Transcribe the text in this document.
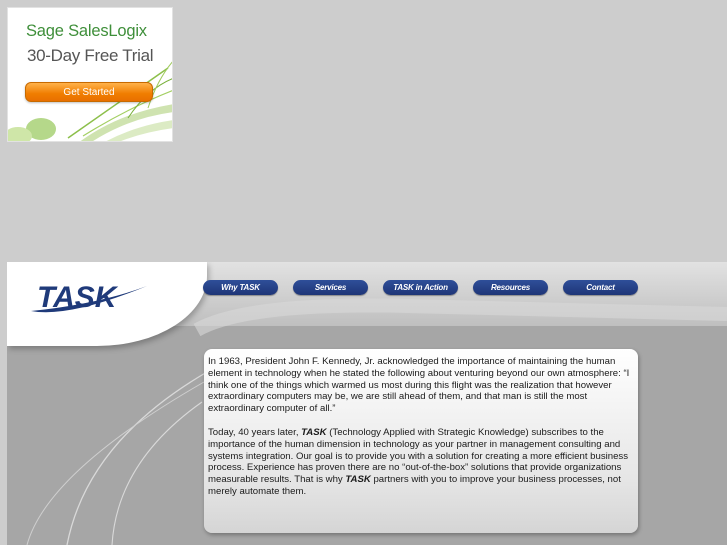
Sage SalesLogix
30-Day Free Trial
Get Started
TASK	Why TASK	Services	TASK in Action	Resources	Contact

In 1963, President John F. Kennedy, Jr. acknowledged the importance of maintaining the human element in technology when he stated the following about venturing beyond our own atmosphere: “I think one of the things which warmed us most during this flight was the realization that however extraordinary computers may be, we are still ahead of them, and that man is still the most extraordinary computer of all.”

Today, 40 years later, TASK (Technology Applied with Strategic Knowledge) subscribes to the importance of the human dimension in technology as your partner in management consulting and systems integration. Our goal is to provide you with a solution for creating a more efficient business process. Experience has proven there are no “out-of-the-box” solutions that provide organizations measurable results. That is why TASK partners with you to improve your business processes, not merely automate them.
